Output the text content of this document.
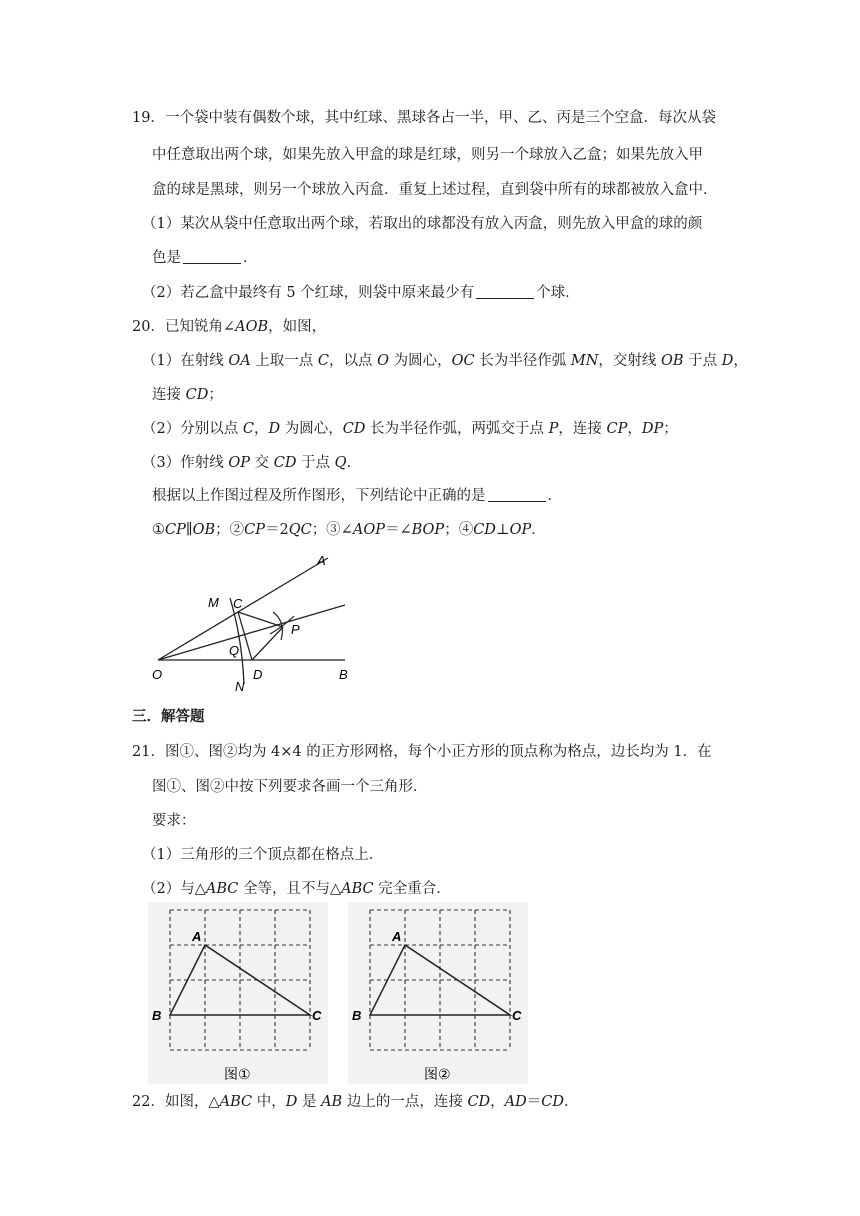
19．一个袋中装有偶数个球，其中红球、黑球各占一半，甲、乙、丙是三个空盒．每次从袋
中任意取出两个球，如果先放入甲盒的球是红球，则另一个球放入乙盒；如果先放入甲
盒的球是黑球，则另一个球放入丙盒．重复上述过程，直到袋中所有的球都被放入盒中．
（1）某次从袋中任意取出两个球，若取出的球都没有放入丙盒，则先放入甲盒的球的颜
色是	．
（2）若乙盒中最终有 5 个红球，则袋中原来最少有	个球．
20．已知锐角∠AOB，如图，
（1）在射线 OA 上取一点 C，以点 O 为圆心，OC 长为半径作弧 MN，交射线 OB 于点 D，
连接 CD；
（2）分别以点 C，D 为圆心，CD 长为半径作弧，两弧交于点 P，连接 CP，DP；
（3）作射线 OP 交 CD 于点 Q．
根据以上作图过程及所作图形，下列结论中正确的是	．
①CP∥OB；②CP＝2QC；③∠AOP＝∠BOP；④CD⊥OP．
A
M C
P
Q
O	D	B
N
三．解答题
21．图①、图②均为 4×4 的正方形网格，每个小正方形的顶点称为格点，边长均为 1．在
图①、图②中按下列要求各画一个三角形．
要求：
（1）三角形的三个顶点都在格点上．
（2）与△ABC 全等，且不与△ABC 完全重合．
A
B	C
图①
A
B	C
图②
22．如图，△ABC 中，D 是 AB 边上的一点，连接 CD，AD＝CD．
